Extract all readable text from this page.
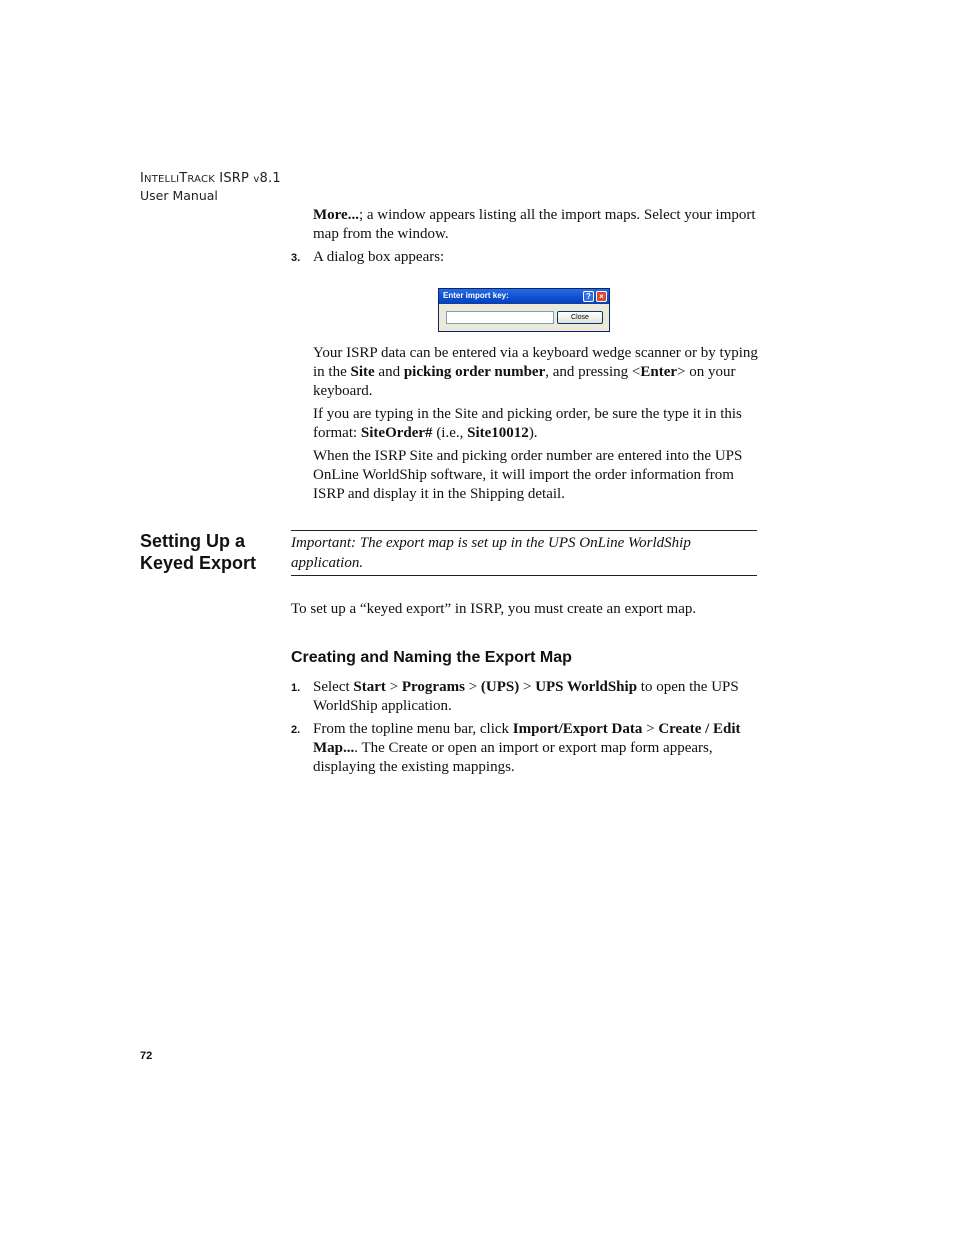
INTELLITRACK ISRP v8.1
User Manual

More...; a window appears listing all the import maps. Select your import map from the window.

3. A dialog box appears:

Enter import key:	?	×
Close

Your ISRP data can be entered via a keyboard wedge scanner or by typing in the Site and picking order number, and pressing <Enter> on your keyboard.

If you are typing in the Site and picking order, be sure the type it in this format: SiteOrder# (i.e., Site10012).

When the ISRP Site and picking order number are entered into the UPS OnLine WorldShip software, it will import the order information from ISRP and display it in the Shipping detail.

Setting Up a
Keyed Export

Important: The export map is set up in the UPS OnLine WorldShip application.

To set up a “keyed export” in ISRP, you must create an export map.

Creating and Naming the Export Map
1. Select Start > Programs > (UPS) > UPS WorldShip to open the UPS WorldShip application.

2. From the topline menu bar, click Import/Export Data > Create / Edit Map.... The Create or open an import or export map form appears, displaying the existing mappings.

72
